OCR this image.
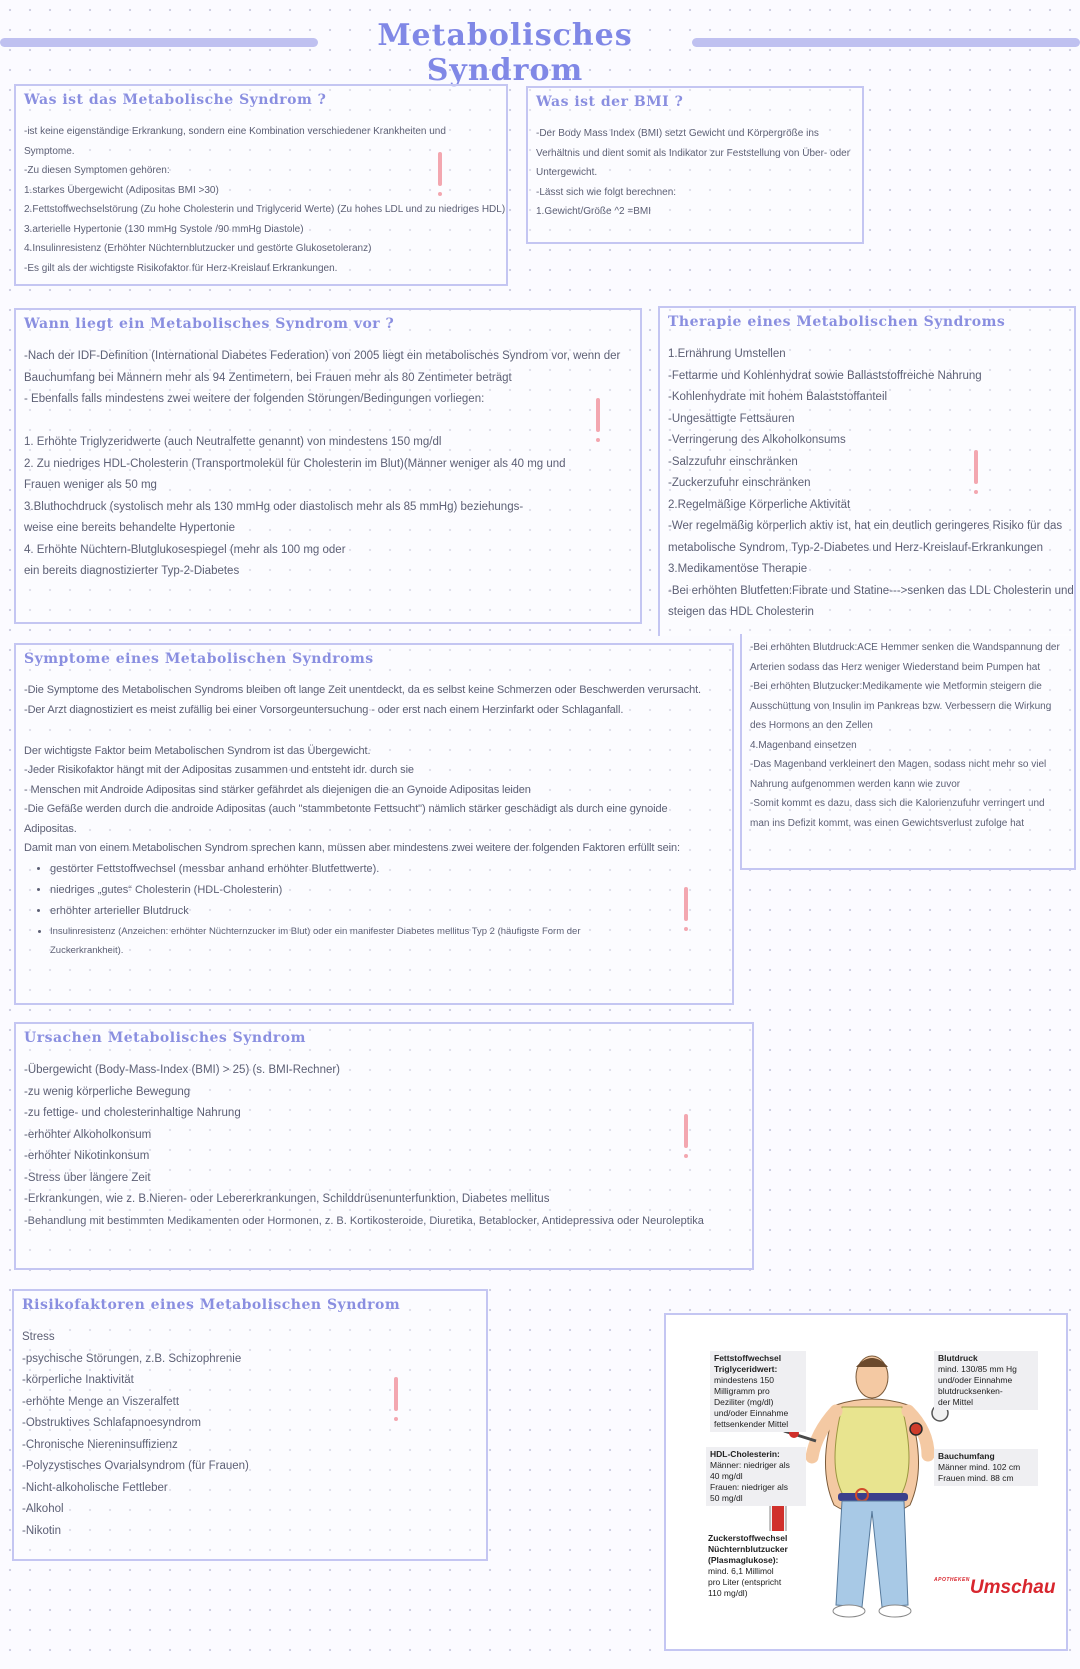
Metabolisches Syndrom
Was ist das Metabolische Syndrom ?
-ist keine eigenständige Erkrankung, sondern eine Kombination verschiedener Krankheiten und
Symptome.
-Zu diesen Symptomen gehören:
1.starkes Übergewicht (Adipositas BMI >30)
2.Fettstoffwechselstörung (Zu hohe Cholesterin und Triglycerid Werte) (Zu hohes LDL und zu niedriges HDL)
3.arterielle Hypertonie (130 mmHg Systole /90 mmHg Diastole)
4.Insulinresistenz (Erhöhter Nüchternblutzucker und gestörte Glukosetoleranz)
-Es gilt als der wichtigste Risikofaktor für Herz-Kreislauf Erkrankungen.
Was ist der BMI ?
-Der Body Mass Index (BMI) setzt Gewicht und Körpergröße ins
Verhältnis und dient somit als Indikator zur Feststellung von Über- oder
Untergewicht.
-Lässt sich wie folgt berechnen:
1.Gewicht/Größe ^2 =BMI
Wann liegt ein Metabolisches Syndrom vor ?
-Nach der IDF-Definition (International Diabetes Federation) von 2005 liegt ein metabolisches Syndrom vor, wenn der
Bauchumfang bei Männern mehr als 94 Zentimetern, bei Frauen mehr als 80 Zentimeter beträgt
- Ebenfalls falls mindestens zwei weitere der folgenden Störungen/Bedingungen vorliegen:
1. Erhöhte Triglyzeridwerte (auch Neutralfette genannt) von mindestens 150 mg/dl
2. Zu niedriges HDL-Cholesterin (Transportmolekül für Cholesterin im Blut)(Männer weniger als 40 mg und
Frauen weniger als 50 mg
3.Bluthochdruck (systolisch mehr als 130 mmHg oder diastolisch mehr als 85 mmHg) beziehungs-
weise eine bereits behandelte Hypertonie
4. Erhöhte Nüchtern-Blutglukosespiegel (mehr als 100 mg oder
ein bereits diagnostizierter Typ-2-Diabetes
Therapie eines Metabolischen Syndroms
1.Ernährung Umstellen
-Fettarme und Kohlenhydrat sowie Ballaststoffreiche Nahrung
-Kohlenhydrate mit hohem Balaststoffanteil
-Ungesättigte Fettsäuren
-Verringerung des Alkoholkonsums
-Salzzufuhr einschränken
-Zuckerzufuhr einschränken
2.Regelmäßige Körperliche Aktivität
-Wer regelmäßig körperlich aktiv ist, hat ein deutlich geringeres Risiko für das
metabolische Syndrom, Typ-2-Diabetes und Herz-Kreislauf-Erkrankungen
3.Medikamentöse Therapie
-Bei erhöhten Blutfetten:Fibrate und Statine--->senken das LDL Cholesterin und
steigen das HDL Cholesterin
-Bei erhöhten Blutdruck:ACE Hemmer senken die Wandspannung der
Arterien sodass das Herz weniger Wiederstand beim Pumpen hat
-Bei erhöhten Blutzucker:Medikamente wie Metformin steigern die
Ausschüttung von Insulin im Pankreas bzw. Verbessern die Wirkung
des Hormons an den Zellen
4.Magenband einsetzen
-Das Magenband verkleinert den Magen, sodass nicht mehr so viel
Nahrung aufgenommen werden kann wie zuvor
-Somit kommt es dazu, dass sich die Kalorienzufuhr verringert und
man ins Defizit kommt, was einen Gewichtsverlust zufolge hat
Symptome eines Metabolischen Syndroms
-Die Symptome des Metabolischen Syndroms bleiben oft lange Zeit unentdeckt, da es selbst keine Schmerzen oder Beschwerden verursacht.
-Der Arzt diagnostiziert es meist zufällig bei einer Vorsorgeuntersuchung - oder erst nach einem Herzinfarkt oder Schlaganfall.
Der wichtigste Faktor beim Metabolischen Syndrom ist das Übergewicht.
-Jeder Risikofaktor hängt mit der Adipositas zusammen und entsteht idr. durch sie
- Menschen mit Androide Adipositas sind stärker gefährdet als diejenigen die an Gynoide Adipositas leiden
-Die Gefäße werden durch die androide Adipositas (auch "stammbetonte Fettsucht") nämlich stärker geschädigt als durch eine gynoide
Adipositas.
Damit man von einem Metabolischen Syndrom sprechen kann, müssen aber mindestens zwei weitere der folgenden Faktoren erfüllt sein:
• gestörter Fettstoffwechsel (messbar anhand erhöhter Blutfettwerte).
• niedriges „gutes“ Cholesterin (HDL-Cholesterin)
• erhöhter arterieller Blutdruck
• Insulinresistenz (Anzeichen: erhöhter Nüchternzucker im Blut) oder ein manifester Diabetes mellitus Typ 2 (häufigste Form der
Zuckerkrankheit).
Ursachen Metabolisches Syndrom
-Übergewicht (Body-Mass-Index (BMI) > 25) (s. BMI-Rechner)
-zu wenig körperliche Bewegung
-zu fettige- und cholesterinhaltige Nahrung
-erhöhter Alkoholkonsum
-erhöhter Nikotinkonsum
-Stress über längere Zeit
-Erkrankungen, wie z. B.Nieren- oder Lebererkrankungen, Schilddrüsenunterfunktion, Diabetes mellitus
-Behandlung mit bestimmten Medikamenten oder Hormonen, z. B. Kortikosteroide, Diuretika, Betablocker, Antidepressiva oder Neuroleptika
Risikofaktoren eines Metabolischen Syndrom
Stress
-psychische Störungen, z.B. Schizophrenie
-körperliche Inaktivität
-erhöhte Menge an Viszeralfett
-Obstruktives Schlafapnoesyndrom
-Chronische Niereninsuffizienz
-Polyzystisches Ovarialsyndrom (für Frauen)
-Nicht-alkoholische Fettleber
-Alkohol
-Nikotin
Fettstoffwechsel
Triglyceridwert:
mindestens 150
Milligramm pro
Deziliter (mg/dl)
und/oder Einnahme
fettsenkender Mittel
HDL-Cholesterin:
Männer: niedriger als
40 mg/dl
Frauen: niedriger als
50 mg/dl
Zuckerstoffwechsel
Nüchternblutzucker
(Plasmaglukose):
mind. 6,1 Millimol
pro Liter (entspricht
110 mg/dl)
Blutdruck
mind. 130/85 mm Hg
und/oder Einnahme
blutdrucksenken-
der Mittel
Bauchumfang
Männer mind. 102 cm
Frauen mind. 88 cm
$^{APOTHEKEN}$Umschau
